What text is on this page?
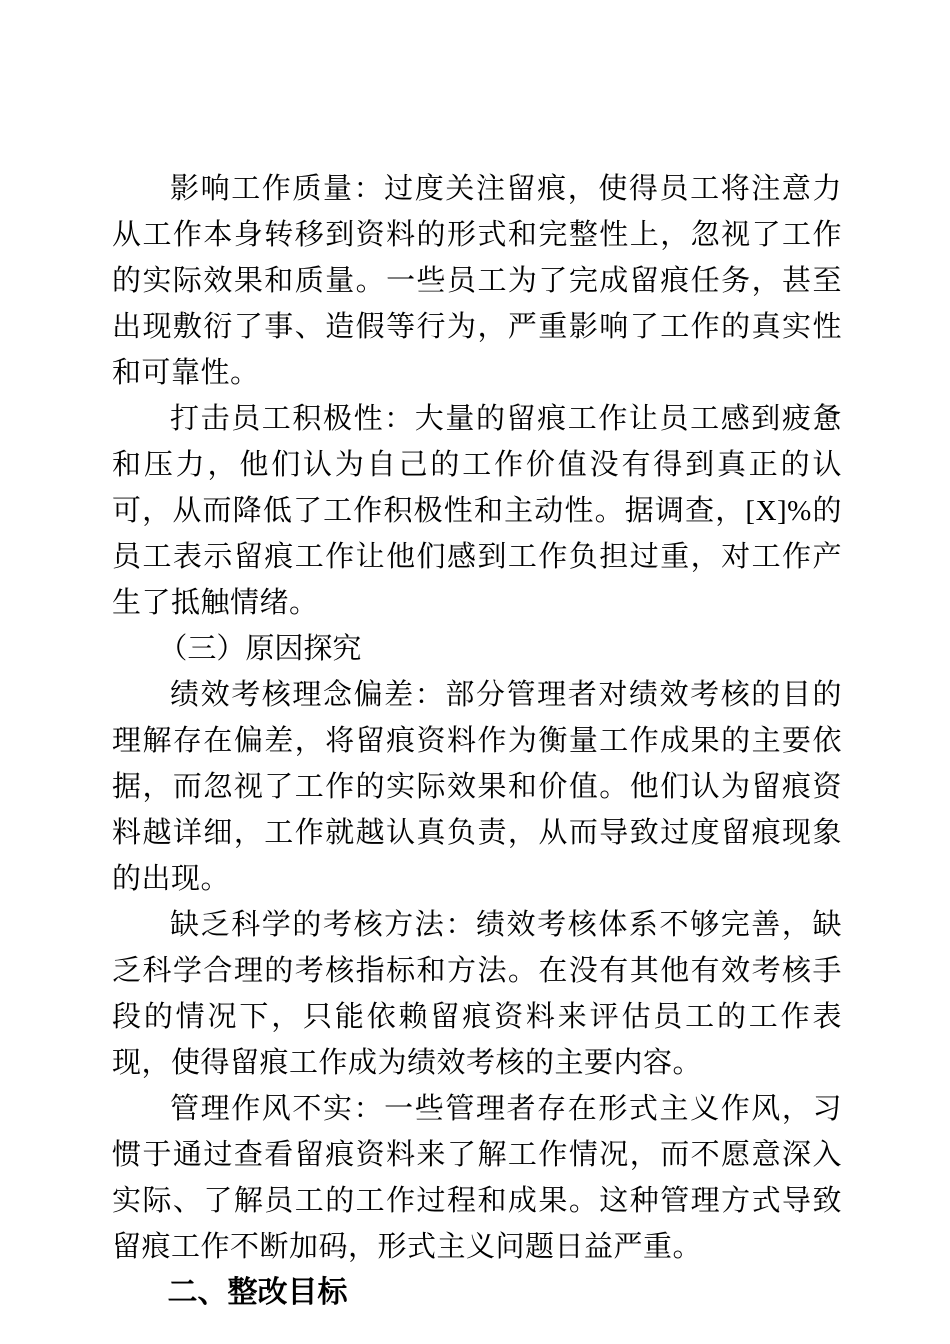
影响工作质量：过度关注留痕，使得员工将注意力从工作本身转移到资料的形式和完整性上，忽视了工作的实际效果和质量。一些员工为了完成留痕任务，甚至出现敷衍了事、造假等行为，严重影响了工作的真实性和可靠性。

打击员工积极性：大量的留痕工作让员工感到疲惫和压力，他们认为自己的工作价值没有得到真正的认可，从而降低了工作积极性和主动性。据调查，[X]%的员工表示留痕工作让他们感到工作负担过重，对工作产生了抵触情绪。

（三）原因探究

绩效考核理念偏差：部分管理者对绩效考核的目的理解存在偏差，将留痕资料作为衡量工作成果的主要依据，而忽视了工作的实际效果和价值。他们认为留痕资料越详细，工作就越认真负责，从而导致过度留痕现象的出现。

缺乏科学的考核方法：绩效考核体系不够完善，缺乏科学合理的考核指标和方法。在没有其他有效考核手段的情况下，只能依赖留痕资料来评估员工的工作表现，使得留痕工作成为绩效考核的主要内容。

管理作风不实：一些管理者存在形式主义作风，习惯于通过查看留痕资料来了解工作情况，而不愿意深入实际、了解员工的工作过程和成果。这种管理方式导致留痕工作不断加码，形式主义问题日益严重。

二、整改目标
